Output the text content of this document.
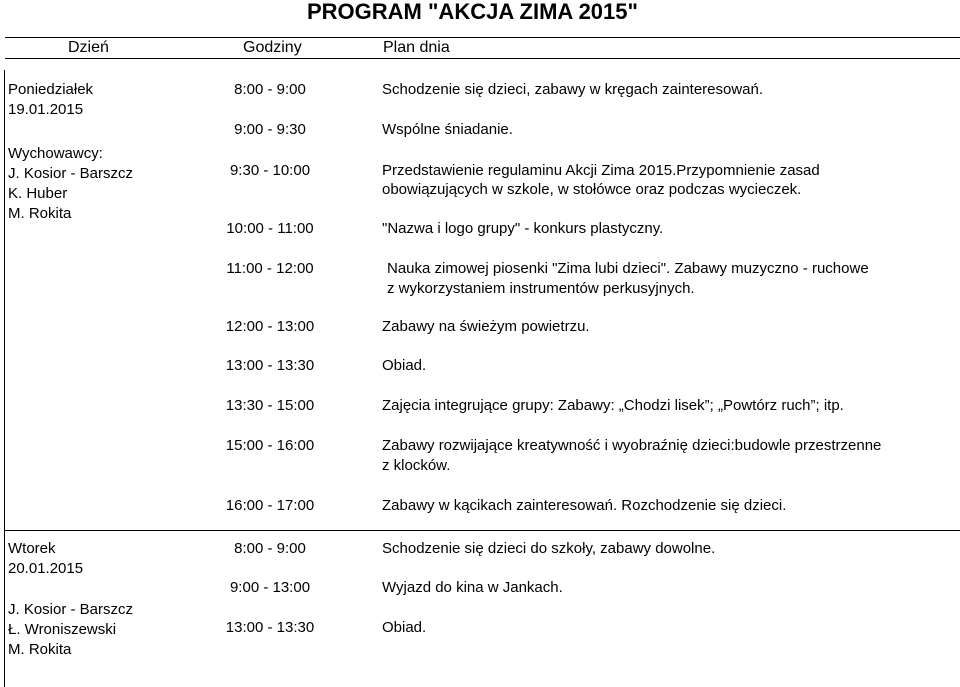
PROGRAM "AKCJA ZIMA 2015"
Dzień	Godziny	Plan dnia
Poniedziałek
19.01.2015
Wychowawcy:
J. Kosior - Barszcz
K. Huber
M. Rokita
8:00 - 9:00	Schodzenie się dzieci, zabawy w kręgach zainteresowań.
9:00 - 9:30	Wspólne śniadanie.
9:30 - 10:00	Przedstawienie regulaminu Akcji Zima 2015.Przypomnienie zasad
obowiązujących w szkole, w stołówce oraz podczas wycieczek.
10:00 - 11:00	"Nazwa i logo grupy" - konkurs plastyczny.
11:00 - 12:00	Nauka zimowej piosenki "Zima lubi dzieci". Zabawy muzyczno - ruchowe
z wykorzystaniem instrumentów perkusyjnych.
12:00 - 13:00	Zabawy na świeżym powietrzu.
13:00 - 13:30	Obiad.
13:30 - 15:00	Zajęcia integrujące grupy: Zabawy: „Chodzi lisek”; „Powtórz ruch”; itp.
15:00 - 16:00	Zabawy rozwijające kreatywność i wyobraźnię dzieci:budowle przestrzenne
z klocków.
16:00 - 17:00	Zabawy w kącikach zainteresowań. Rozchodzenie się dzieci.
Wtorek
20.01.2015
J. Kosior - Barszcz
Ł. Wroniszewski
M. Rokita
8:00 - 9:00	Schodzenie się dzieci do szkoły, zabawy dowolne.
9:00 - 13:00	Wyjazd do kina w Jankach.
13:00 - 13:30	Obiad.
